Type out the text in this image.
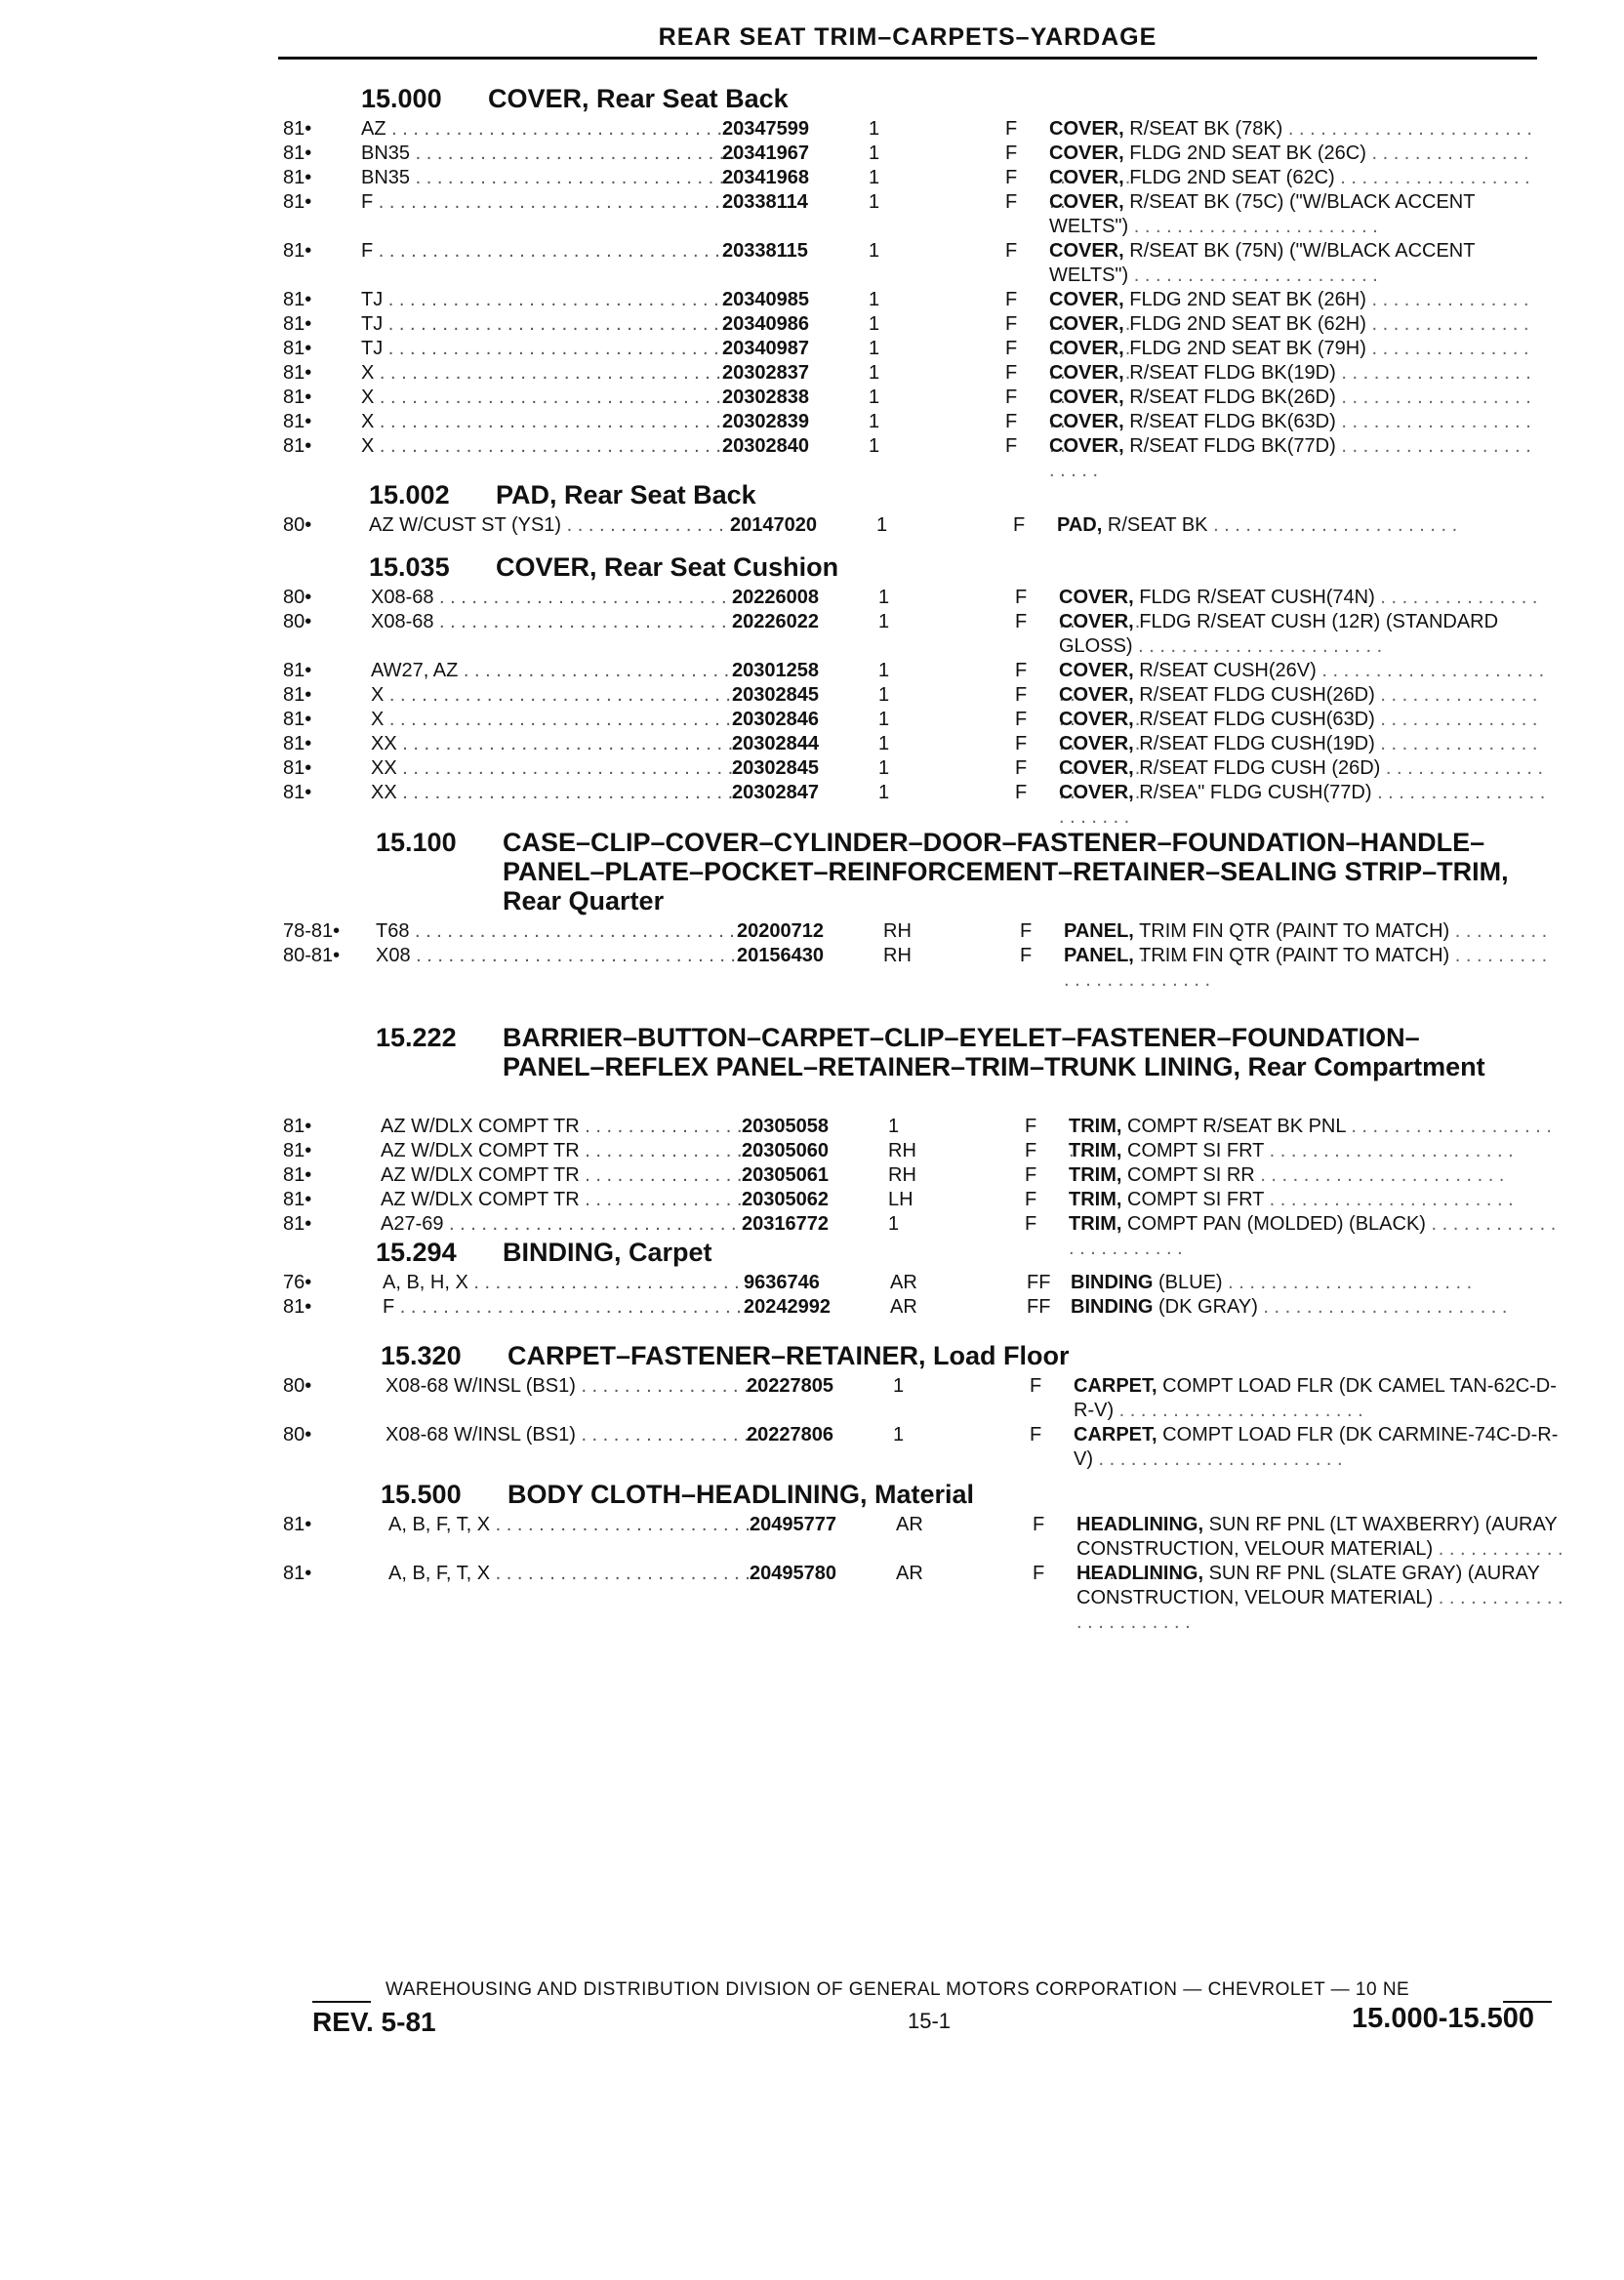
REAR SEAT TRIM–CARPETS–YARDAGE
15.000 COVER, Rear Seat Back
81•	AZ . . .	20347599	1	F	COVER, R/SEAT BK (78K) . . .
81•	BN35 . . .	20341967	1	F	COVER, FLDG 2ND SEAT BK (26C) . . .
81•	BN35 . . .	20341968	1	F	COVER, FLDG 2ND SEAT (62C) . . .
81•	F . . .	20338114	1	F	COVER, R/SEAT BK (75C) ("W/BLACK ACCENT WELTS") . . .
81•	F . . .	20338115	1	F	COVER, R/SEAT BK (75N) ("W/BLACK ACCENT WELTS") . . .
81•	TJ . . .	20340985	1	F	COVER, FLDG 2ND SEAT BK (26H) . . .
81•	TJ . . .	20340986	1	F	COVER, FLDG 2ND SEAT BK (62H) . . .
81•	TJ . . .	20340987	1	F	COVER, FLDG 2ND SEAT BK (79H) . . .
81•	X . . .	20302837	1	F	COVER, R/SEAT FLDG BK(19D) . . .
81•	X . . .	20302838	1	F	COVER, R/SEAT FLDG BK(26D) . . .
81•	X . . .	20302839	1	F	COVER, R/SEAT FLDG BK(63D) . . .
81•	X . . .	20302840	1	F	COVER, R/SEAT FLDG BK(77D) . . .
15.002 PAD, Rear Seat Back
80•	AZ W/CUST ST (YS1) . . .	20147020	1	F	PAD, R/SEAT BK . . .
15.035 COVER, Rear Seat Cushion
80•	X08-68 . . .	20226008	1	F	COVER, FLDG R/SEAT CUSH(74N) . . .
80•	X08-68 . . .	20226022	1	F	COVER, FLDG R/SEAT CUSH (12R) (STANDARD GLOSS) . . .
81•	AW27, AZ . . .	20301258	1	F	COVER, R/SEAT CUSH(26V) . . .
81•	X . . .	20302845	1	F	COVER, R/SEAT FLDG CUSH(26D) . . .
81•	X . . .	20302846	1	F	COVER, R/SEAT FLDG CUSH(63D) . . .
81•	XX . . .	20302844	1	F	COVER, R/SEAT FLDG CUSH(19D) . . .
81•	XX . . .	20302845	1	F	COVER, R/SEAT FLDG CUSH (26D) . . .
81•	XX . . .	20302847	1	F	COVER, R/SEA" FLDG CUSH(77D) . . .
15.100 CASE–CLIP–COVER–CYLINDER–DOOR–FASTENER–FOUNDATION–HANDLE–PANEL–PLATE–POCKET–REINFORCEMENT–RETAINER–SEALING STRIP–TRIM, Rear Quarter
78-81• T68 . . .	20200712	RH	F	PANEL, TRIM FIN QTR (PAINT TO MATCH) . . .
80-81• X08 . . .	20156430	RH	F	PANEL, TRIM FIN QTR (PAINT TO MATCH) . . .
15.222 BARRIER–BUTTON–CARPET–CLIP–EYELET–FASTENER–FOUNDATION–PANEL–REFLEX PANEL–RETAINER–TRIM–TRUNK LINING, Rear Compartment
81•	AZ W/DLX COMPT TR . . .	20305058	1	F	TRIM, COMPT R/SEAT BK PNL . . .
81•	AZ W/DLX COMPT TR . . .	20305060	RH	F	TRIM, COMPT SI FRT . . .
81•	AZ W/DLX COMPT TR . . .	20305061	RH	F	TRIM, COMPT SI RR . . .
81•	AZ W/DLX COMPT TR . . .	20305062	LH	F	TRIM, COMPT SI FRT . . .
81•	A27-69 . . .	20316772	1	F	TRIM, COMPT PAN (MOLDED) (BLACK) . . .
15.294 BINDING, Carpet
76•	A, B, H, X . . .	9636746	AR	FF	BINDING (BLUE) . . .
81•	F . . .	20242992	AR	FF	BINDING (DK GRAY) . . .
15.320 CARPET–FASTENER–RETAINER, Load Floor
80•	X08-68 W/INSL (BS1) . . .	20227805	1	F	CARPET, COMPT LOAD FLR (DK CAMEL TAN-62C-D-R-V) . . .
80•	X08-68 W/INSL (BS1) . . .	20227806	1	F	CARPET, COMPT LOAD FLR (DK CARMINE-74C-D-R-V) . . .
15.500 BODY CLOTH–HEADLINING, Material
81•	A, B, F, T, X . . .	20495777	AR	F	HEADLINING, SUN RF PNL (LT WAXBERRY) (AURAY CONSTRUCTION, VELOUR MATERIAL) . . .
81•	A, B, F, T, X . . .	20495780	AR	F	HEADLINING, SUN RF PNL (SLATE GRAY) (AURAY CONSTRUCTION, VELOUR MATERIAL) . . .
WAREHOUSING AND DISTRIBUTION DIVISION OF GENERAL MOTORS CORPORATION — CHEVROLET — 10 NE
REV. 5-81	15-1	15.000-15.500
